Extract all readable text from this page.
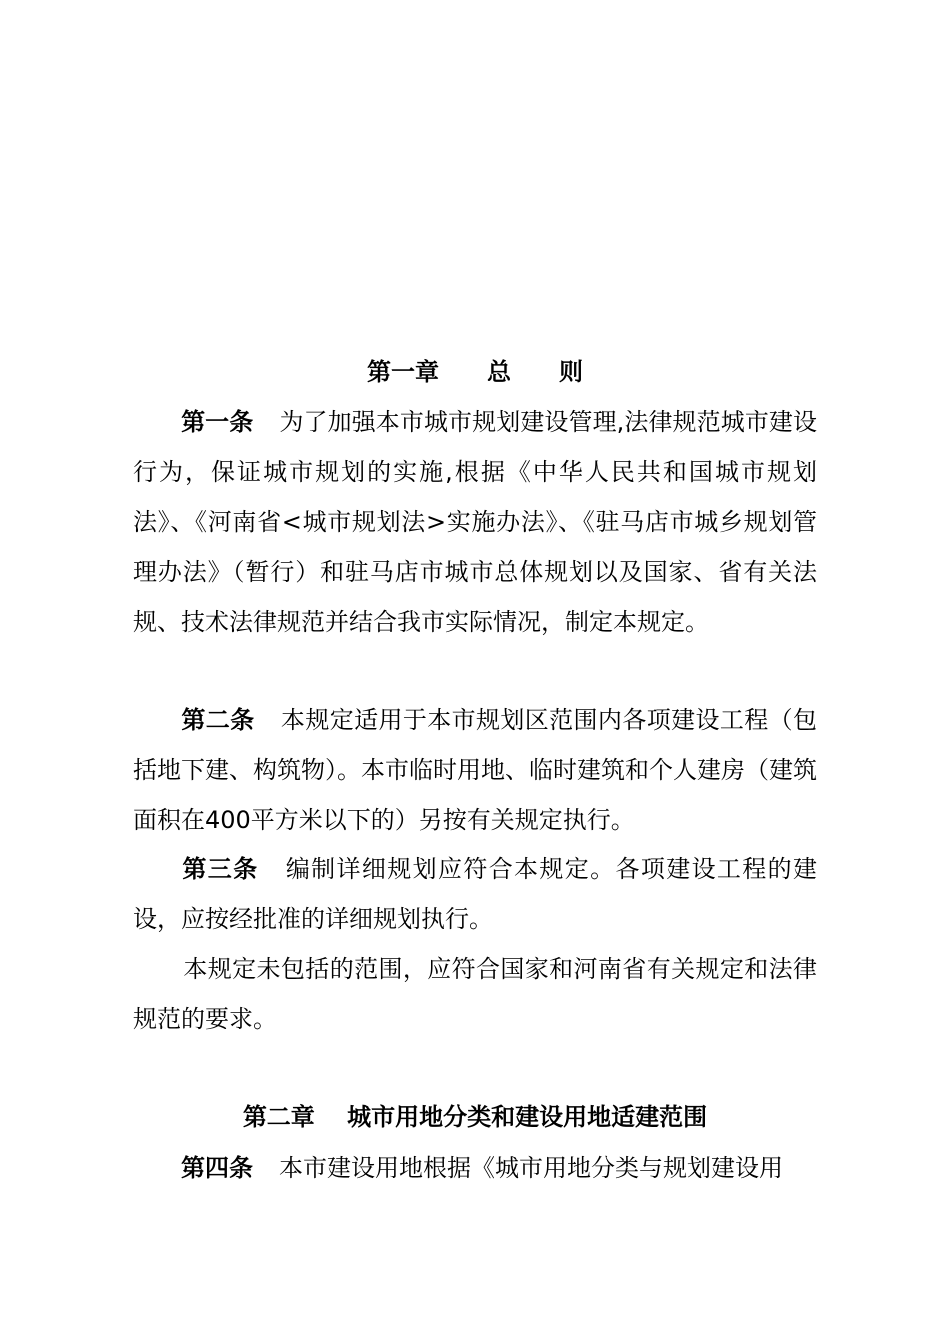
第一章　　总　　则
第一条 为了加强本市城市规划建设管理,法律规范城市建设行为，保证城市规划的实施,根据《中华人民共和国城市规划法》、《河南省<城市规划法>实施办法》、《驻马店市城乡规划管理办法》（暂行）和驻马店市城市总体规划以及国家、省有关法规、技术法律规范并结合我市实际情况，制定本规定。
第二条 本规定适用于本市规划区范围内各项建设工程（包括地下建、构筑物）。本市临时用地、临时建筑和个人建房（建筑面积在400平方米以下的）另按有关规定执行。
第三条 编制详细规划应符合本规定。各项建设工程的建设，应按经批准的详细规划执行。
本规定未包括的范围，应符合国家和河南省有关规定和法律规范的要求。
第二章　 城市用地分类和建设用地适建范围
第四条 本市建设用地根据《城市用地分类与规划建设用
